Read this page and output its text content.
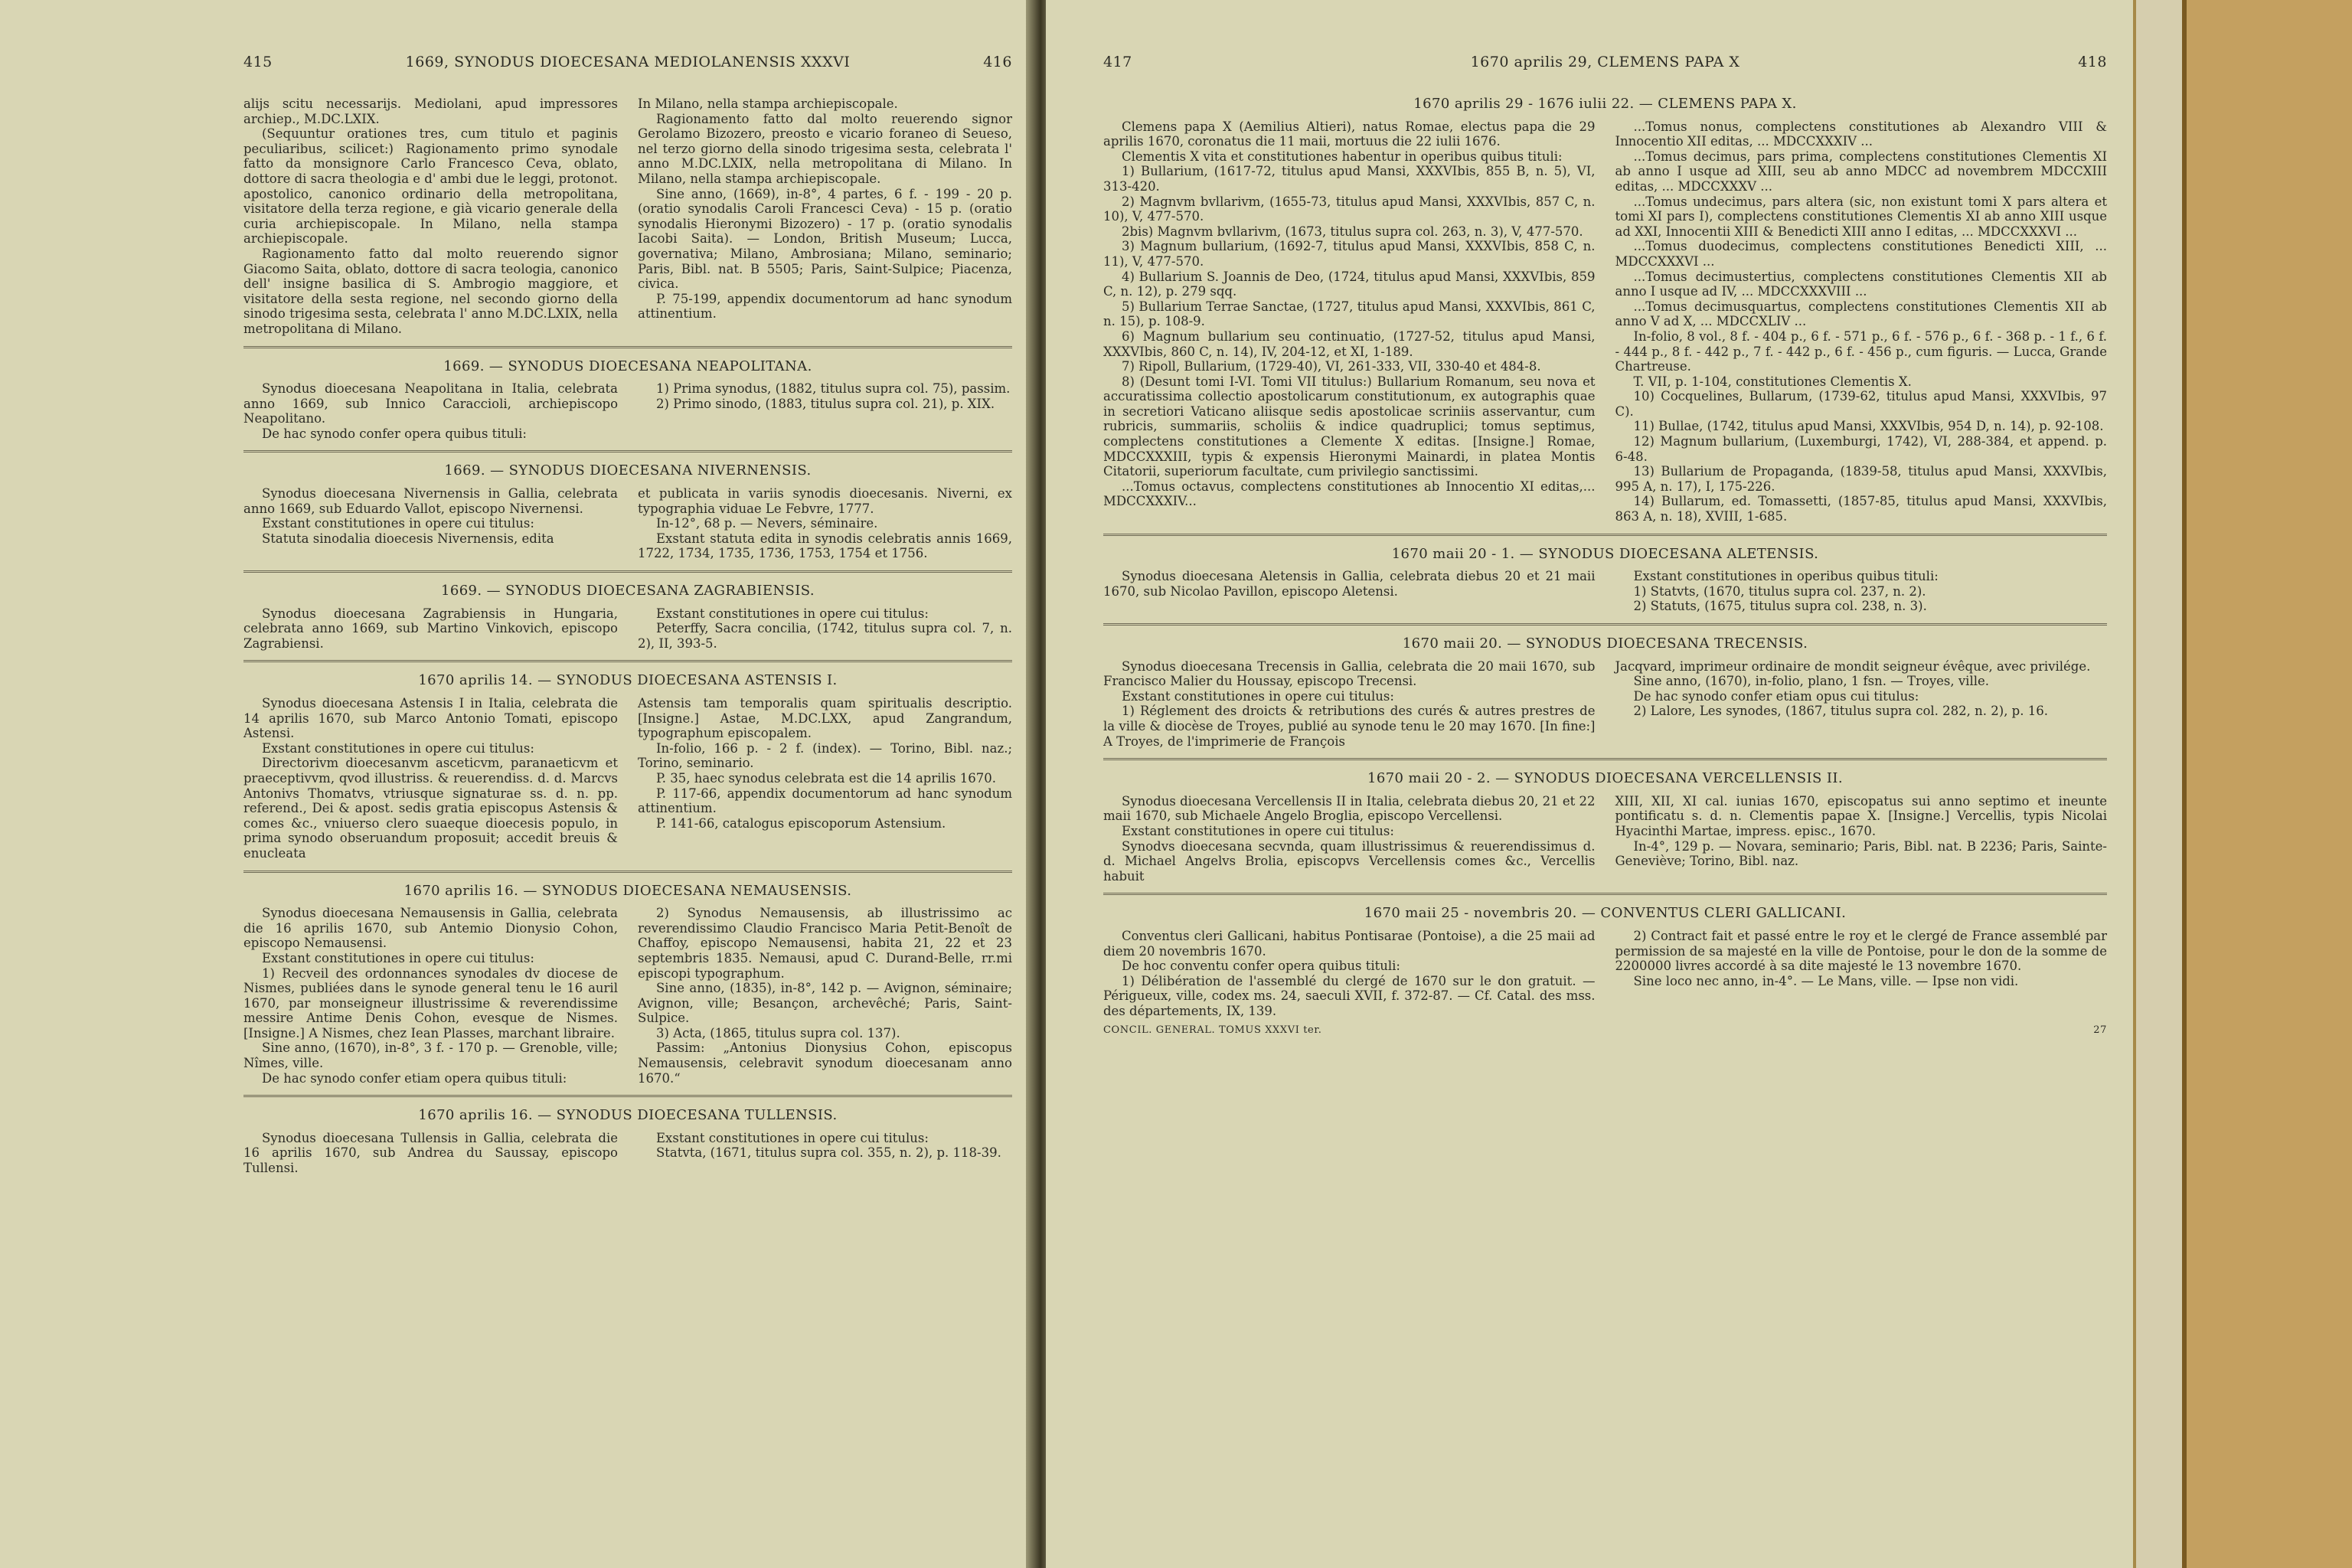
415	1669, SYNODUS DIOECESANA MEDIOLANENSIS XXXVI	416

alijs scitu necessarijs. Mediolani, apud impressores archiep., M.DC.LXIX.

(Sequuntur orationes tres, cum titulo et paginis peculiaribus, scilicet:) Ragionamento primo synodale fatto da monsignore Carlo Francesco Ceva, oblato, dottore di sacra theologia e d' ambi due le leggi, protonot. apostolico, canonico ordinario della metropolitana, visitatore della terza regione, e già vicario generale della curia archiepiscopale. In Milano, nella stampa archiepiscopale.

Ragionamento fatto dal molto reuerendo signor Giacomo Saita, oblato, dottore di sacra teologia, canonico dell' insigne basilica di S. Ambrogio maggiore, et visitatore della sesta regione, nel secondo giorno della sinodo trigesima sesta, celebrata l' anno M.DC.LXIX, nella metropolitana di Milano.

In Milano, nella stampa archiepiscopale.

Ragionamento fatto dal molto reuerendo signor Gerolamo Bizozero, preosto e vicario foraneo di Seueso, nel terzo giorno della sinodo trigesima sesta, celebrata l' anno M.DC.LXIX, nella metropolitana di Milano. In Milano, nella stampa archiepiscopale.

Sine anno, (1669), in-8°, 4 partes, 6 f. - 199 - 20 p. (oratio synodalis Caroli Francesci Ceva) - 15 p. (oratio synodalis Hieronymi Bizozero) - 17 p. (oratio synodalis Iacobi Saita). — London, British Museum; Lucca, governativa; Milano, Ambrosiana; Milano, seminario; Paris, Bibl. nat. B 5505; Paris, Saint-Sulpice; Piacenza, civica.

P. 75-199, appendix documentorum ad hanc synodum attinentium.

1669. — SYNODUS DIOECESANA NEAPOLITANA.

Synodus dioecesana Neapolitana in Italia, celebrata anno 1669, sub Innico Caraccioli, archiepiscopo Neapolitano.

De hac synodo confer opera quibus tituli:

1) Prima synodus, (1882, titulus supra col. 75), passim.

2) Primo sinodo, (1883, titulus supra col. 21), p. XIX.

1669. — SYNODUS DIOECESANA NIVERNENSIS.

Synodus dioecesana Nivernensis in Gallia, celebrata anno 1669, sub Eduardo Vallot, episcopo Nivernensi.

Exstant constitutiones in opere cui titulus:

Statuta sinodalia dioecesis Nivernensis, edita

et publicata in variis synodis dioecesanis. Niverni, ex typographia viduae Le Febvre, 1777.

In-12°, 68 p. — Nevers, séminaire.

Exstant statuta edita in synodis celebratis annis 1669, 1722, 1734, 1735, 1736, 1753, 1754 et 1756.

1669. — SYNODUS DIOECESANA ZAGRABIENSIS.

Synodus dioecesana Zagrabiensis in Hungaria, celebrata anno 1669, sub Martino Vinkovich, episcopo Zagrabiensi.

Exstant constitutiones in opere cui titulus:

Peterffy, Sacra concilia, (1742, titulus supra col. 7, n. 2), II, 393-5.

1670 aprilis 14. — SYNODUS DIOECESANA ASTENSIS I.

Synodus dioecesana Astensis I in Italia, celebrata die 14 aprilis 1670, sub Marco Antonio Tomati, episcopo Astensi.

Exstant constitutiones in opere cui titulus:

Directorivm dioecesanvm asceticvm, paranaeticvm et praeceptivvm, qvod illustriss. & reuerendiss. d. d. Marcvs Antonivs Thomatvs, vtriusque signaturae ss. d. n. pp. referend., Dei & apost. sedis gratia episcopus Astensis & comes &c., vniuerso clero suaeque dioecesis populo, in prima synodo obseruandum proposuit; accedit breuis & enucleata

Astensis tam temporalis quam spiritualis descriptio. [Insigne.] Astae, M.DC.LXX, apud Zangrandum, typographum episcopalem.

In-folio, 166 p. - 2 f. (index). — Torino, Bibl. naz.; Torino, seminario.

P. 35, haec synodus celebrata est die 14 aprilis 1670.

P. 117-66, appendix documentorum ad hanc synodum attinentium.

P. 141-66, catalogus episcoporum Astensium.

1670 aprilis 16. — SYNODUS DIOECESANA NEMAUSENSIS.

Synodus dioecesana Nemausensis in Gallia, celebrata die 16 aprilis 1670, sub Antemio Dionysio Cohon, episcopo Nemausensi.

Exstant constitutiones in opere cui titulus:

1) Recveil des ordonnances synodales dv diocese de Nismes, publiées dans le synode general tenu le 16 auril 1670, par monseigneur illustrissime & reverendissime messire Antime Denis Cohon, evesque de Nismes. [Insigne.] A Nismes, chez Iean Plasses, marchant libraire.

Sine anno, (1670), in-8°, 3 f. - 170 p. — Grenoble, ville; Nîmes, ville.

De hac synodo confer etiam opera quibus tituli:

2) Synodus Nemausensis, ab illustrissimo ac reverendissimo Claudio Francisco Maria Petit-Benoît de Chaffoy, episcopo Nemausensi, habita 21, 22 et 23 septembris 1835. Nemausi, apud C. Durand-Belle, rr.mi episcopi typographum.

Sine anno, (1835), in-8°, 142 p. — Avignon, séminaire; Avignon, ville; Besançon, archevêché; Paris, Saint-Sulpice.

3) Acta, (1865, titulus supra col. 137).

Passim: „Antonius Dionysius Cohon, episcopus Nemausensis, celebravit synodum dioecesanam anno 1670.“

1670 aprilis 16. — SYNODUS DIOECESANA TULLENSIS.

Synodus dioecesana Tullensis in Gallia, celebrata die 16 aprilis 1670, sub Andrea du Saussay, episcopo Tullensi.

Exstant constitutiones in opere cui titulus:

Statvta, (1671, titulus supra col. 355, n. 2), p. 118-39.

417	1670 aprilis 29, CLEMENS PAPA X	418
1670 aprilis 29 - 1676 iulii 22. — CLEMENS PAPA X.

Clemens papa X (Aemilius Altieri), natus Romae, electus papa die 29 aprilis 1670, coronatus die 11 maii, mortuus die 22 iulii 1676.

Clementis X vita et constitutiones habentur in operibus quibus tituli:

1) Bullarium, (1617-72, titulus apud Mansi, XXXVIbis, 855 B, n. 5), VI, 313-420.

2) Magnvm bvllarivm, (1655-73, titulus apud Mansi, XXXVIbis, 857 C, n. 10), V, 477-570.

2bis) Magnvm bvllarivm, (1673, titulus supra col. 263, n. 3), V, 477-570.

3) Magnum bullarium, (1692-7, titulus apud Mansi, XXXVIbis, 858 C, n. 11), V, 477-570.

4) Bullarium S. Joannis de Deo, (1724, titulus apud Mansi, XXXVIbis, 859 C, n. 12), p. 279 sqq.

5) Bullarium Terrae Sanctae, (1727, titulus apud Mansi, XXXVIbis, 861 C, n. 15), p. 108-9.

6) Magnum bullarium seu continuatio, (1727-52, titulus apud Mansi, XXXVIbis, 860 C, n. 14), IV, 204-12, et XI, 1-189.

7) Ripoll, Bullarium, (1729-40), VI, 261-333, VII, 330-40 et 484-8.

8) (Desunt tomi I-VI. Tomi VII titulus:) Bullarium Romanum, seu nova et accuratissima collectio apostolicarum constitutionum, ex autographis quae in secretiori Vaticano aliisque sedis apostolicae scriniis asservantur, cum rubricis, summariis, scholiis & indice quadruplici; tomus septimus, complectens constitutiones a Clemente X editas. [Insigne.] Romae, MDCCXXXIII, typis & expensis Hieronymi Mainardi, in platea Montis Citatorii, superiorum facultate, cum privilegio sanctissimi.

...Tomus octavus, complectens constitutiones ab Innocentio XI editas,... MDCCXXXIV...

...Tomus nonus, complectens constitutiones ab Alexandro VIII & Innocentio XII editas, ... MDCCXXXIV ...

...Tomus decimus, pars prima, complectens constitutiones Clementis XI ab anno I usque ad XIII, seu ab anno MDCC ad novembrem MDCCXIII editas, ... MDCCXXXV ...

...Tomus undecimus, pars altera (sic, non existunt tomi X pars altera et tomi XI pars I), complectens constitutiones Clementis XI ab anno XIII usque ad XXI, Innocentii XIII & Benedicti XIII anno I editas, ... MDCCXXXVI ...

...Tomus duodecimus, complectens constitutiones Benedicti XIII, ... MDCCXXXVI ...

...Tomus decimustertius, complectens constitutiones Clementis XII ab anno I usque ad IV, ... MDCCXXXVIII ...

...Tomus decimusquartus, complectens constitutiones Clementis XII ab anno V ad X, ... MDCCXLIV ...

In-folio, 8 vol., 8 f. - 404 p., 6 f. - 571 p., 6 f. - 576 p., 6 f. - 368 p. - 1 f., 6 f. - 444 p., 8 f. - 442 p., 7 f. - 442 p., 6 f. - 456 p., cum figuris. — Lucca, Grande Chartreuse.

T. VII, p. 1-104, constitutiones Clementis X.

10) Cocquelines, Bullarum, (1739-62, titulus apud Mansi, XXXVIbis, 97 C).

11) Bullae, (1742, titulus apud Mansi, XXXVIbis, 954 D, n. 14), p. 92-108.

12) Magnum bullarium, (Luxemburgi, 1742), VI, 288-384, et append. p. 6-48.

13) Bullarium de Propaganda, (1839-58, titulus apud Mansi, XXXVIbis, 995 A, n. 17), I, 175-226.

14) Bullarum, ed. Tomassetti, (1857-85, titulus apud Mansi, XXXVIbis, 863 A, n. 18), XVIII, 1-685.

1670 maii 20 - 1. — SYNODUS DIOECESANA ALETENSIS.

Synodus dioecesana Aletensis in Gallia, celebrata diebus 20 et 21 maii 1670, sub Nicolao Pavillon, episcopo Aletensi.

Exstant constitutiones in operibus quibus tituli:

1) Statvts, (1670, titulus supra col. 237, n. 2).

2) Statuts, (1675, titulus supra col. 238, n. 3).

1670 maii 20. — SYNODUS DIOECESANA TRECENSIS.

Synodus dioecesana Trecensis in Gallia, celebrata die 20 maii 1670, sub Francisco Malier du Houssay, episcopo Trecensi.

Exstant constitutiones in opere cui titulus:

1) Réglement des droicts & retributions des curés & autres prestres de la ville & diocèse de Troyes, publié au synode tenu le 20 may 1670. [In fine:] A Troyes, de l'imprimerie de François

Jacqvard, imprimeur ordinaire de mondit seigneur évêque, avec privilége.

Sine anno, (1670), in-folio, plano, 1 fsn. — Troyes, ville.

De hac synodo confer etiam opus cui titulus:

2) Lalore, Les synodes, (1867, titulus supra col. 282, n. 2), p. 16.

1670 maii 20 - 2. — SYNODUS DIOECESANA VERCELLENSIS II.

Synodus dioecesana Vercellensis II in Italia, celebrata diebus 20, 21 et 22 maii 1670, sub Michaele Angelo Broglia, episcopo Vercellensi.

Exstant constitutiones in opere cui titulus:

Synodvs dioecesana secvnda, quam illustrissimus & reuerendissimus d. d. Michael Angelvs Brolia, episcopvs Vercellensis comes &c., Vercellis habuit

XIII, XII, XI cal. iunias 1670, episcopatus sui anno septimo et ineunte pontificatu s. d. n. Clementis papae X. [Insigne.] Vercellis, typis Nicolai Hyacinthi Martae, impress. episc., 1670.

In-4°, 129 p. — Novara, seminario; Paris, Bibl. nat. B 2236; Paris, Sainte-Geneviève; Torino, Bibl. naz.

1670 maii 25 - novembris 20. — CONVENTUS CLERI GALLICANI.

Conventus cleri Gallicani, habitus Pontisarae (Pontoise), a die 25 maii ad diem 20 novembris 1670.

De hoc conventu confer opera quibus tituli:

1) Délibération de l'assemblé du clergé de 1670 sur le don gratuit. — Périgueux, ville, codex ms. 24, saeculi XVII, f. 372-87. — Cf. Catal. des mss. des départements, IX, 139.

2) Contract fait et passé entre le roy et le clergé de France assemblé par permission de sa majesté en la ville de Pontoise, pour le don de la somme de 2200000 livres accordé à sa dite majesté le 13 novembre 1670.

Sine loco nec anno, in-4°. — Le Mans, ville. — Ipse non vidi.

CONCIL. GENERAL. TOMUS XXXVI ter.	27
